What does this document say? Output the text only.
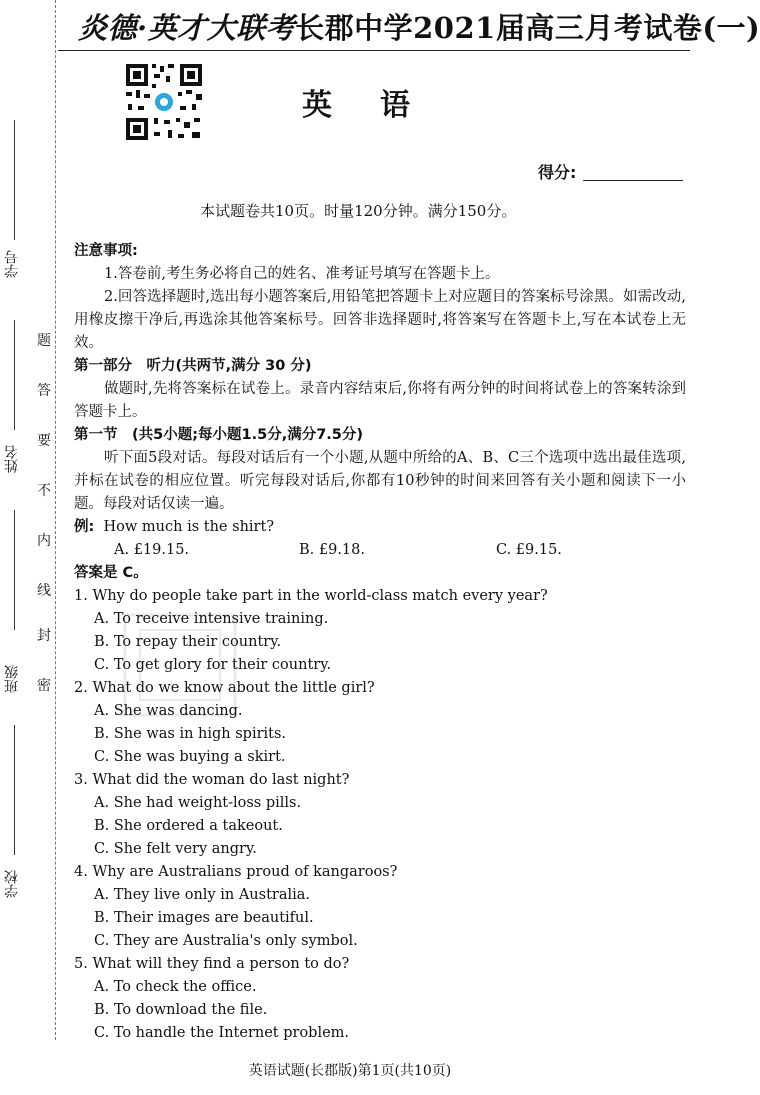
学号
姓名
班级
学校
题
答
要
不
内
线
封
密
炎德·英才大联考长郡中学2021届高三月考试卷(一)
英语
得分:
本试题卷共10页。时量120分钟。满分150分。

注意事项:

1.答卷前,考生务必将自己的姓名、准考证号填写在答题卡上。

2.回答选择题时,选出每小题答案后,用铅笔把答题卡上对应题目的答案标号涂黑。如需改动,用橡皮擦干净后,再选涂其他答案标号。回答非选择题时,将答案写在答题卡上,写在本试卷上无效。

第一部分　听力(共两节,满分 30 分)

做题时,先将答案标在试卷上。录音内容结束后,你将有两分钟的时间将试卷上的答案转涂到答题卡上。

第一节　(共5小题;每小题1.5分,满分7.5分)

听下面5段对话。每段对话后有一个小题,从题中所给的A、B、C三个选项中选出最佳选项,并标在试卷的相应位置。听完每段对话后,你都有10秒钟的时间来回答有关小题和阅读下一小题。每段对话仅读一遍。

例: How much is the shirt?

A. £19.15.	B. £9.18.	C. £9.15.

答案是 C。

1. Why do people take part in the world-class match every year?

A. To receive intensive training.

B. To repay their country.

C. To get glory for their country.

2. What do we know about the little girl?

A. She was dancing.

B. She was in high spirits.

C. She was buying a skirt.

3. What did the woman do last night?

A. She had weight-loss pills.

B. She ordered a takeout.

C. She felt very angry.

4. Why are Australians proud of kangaroos?

A. They live only in Australia.

B. Their images are beautiful.

C. They are Australia's only symbol.

5. What will they find a person to do?

A. To check the office.

B. To download the file.

C. To handle the Internet problem.

英语试题(长郡版)第1页(共10页)
